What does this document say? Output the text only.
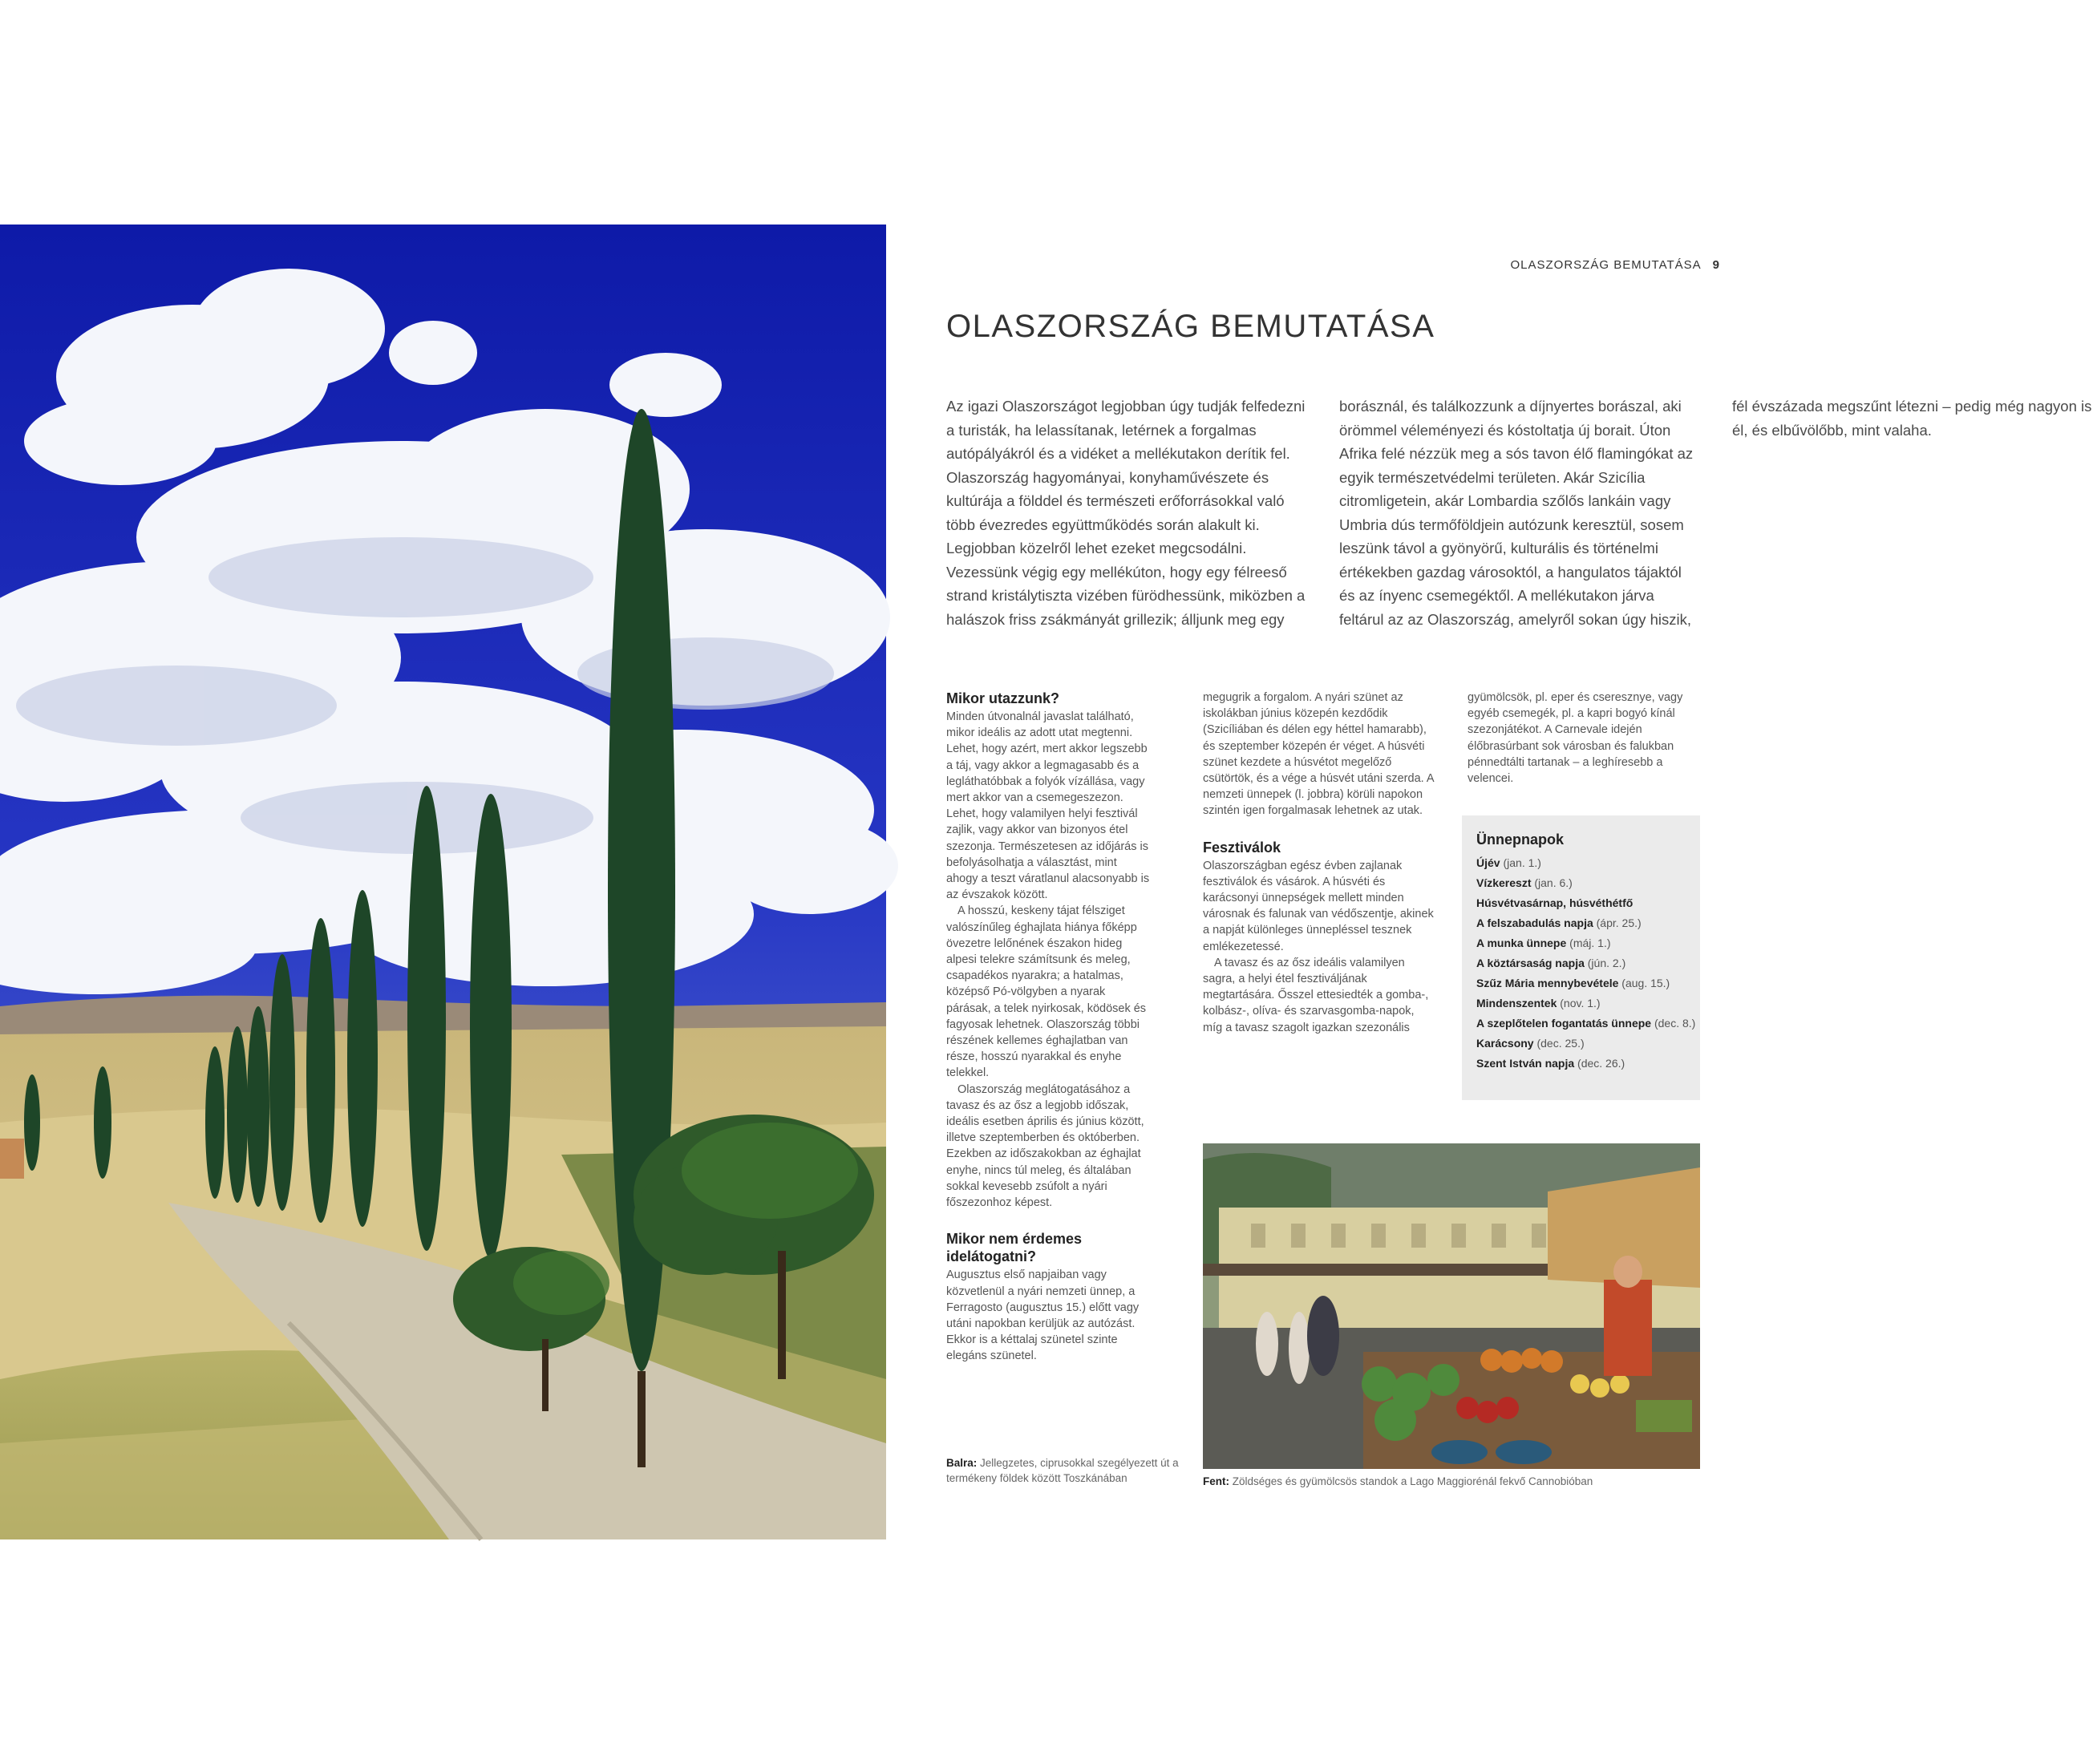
OLASZORSZÁG BEMUTATÁSA 9
OLASZORSZÁG BEMUTATÁSA

Az igazi Olaszországot legjobban úgy tudják felfedezni a turisták, ha lelassítanak, letérnek a forgalmas autópályákról és a vidéket a mellékutakon derítik fel. Olaszország hagyományai, konyhaművészete és kultúrája a földdel és természeti erőforrásokkal való több évezredes együttműködés során alakult ki. Legjobban közelről lehet ezeket megcsodálni. Vezessünk végig egy mellékúton, hogy egy félreeső strand kristálytiszta vizében fürödhessünk, miközben a halászok friss zsákmányát grillezik; álljunk meg egy borásznál, és találkozzunk a díjnyertes borászal, aki örömmel véleményezi és kóstoltatja új borait. Úton Afrika felé nézzük meg a sós tavon élő flamingókat az egyik természetvédelmi területen. Akár Szicília citromligetein, akár Lombardia szőlős lankáin vagy Umbria dús termőföldjein autózunk keresztül, sosem leszünk távol a gyönyörű, kulturális és történelmi értékekben gazdag városoktól, a hangulatos tájaktól és az ínyenc csemegéktől. A mellékutakon járva feltárul az az Olaszország, amelyről sokan úgy hiszik, fél évszázada megszűnt létezni – pedig még nagyon is él, és elbűvölőbb, mint valaha.

Mikor utazzunk?

Minden útvonalnál javaslat található, mikor ideális az adott utat megtenni. Lehet, hogy azért, mert akkor legszebb a táj, vagy akkor a legmagasabb és a legláthatóbbak a folyók vízállása, vagy mert akkor van a csemegeszezon. Lehet, hogy valamilyen helyi fesztivál zajlik, vagy akkor van bizonyos étel szezonja. Természetesen az időjárás is befolyásolhatja a választást, mint ahogy a teszt váratlanul alacsonyabb is az évszakok között.

A hosszú, keskeny tájat félsziget valószínűleg éghajlata hiánya főképp övezetre lelőnének északon hideg alpesi telekre számítsunk és meleg, csapadékos nyarakra; a hatalmas, középső Pó-völgyben a nyarak párásak, a telek nyirkosak, ködösek és fagyosak lehetnek. Olaszország többi részének kellemes éghajlatban van része, hosszú nyarakkal és enyhe telekkel.

Olaszország meglátogatásához a tavasz és az ősz a legjobb időszak, ideális esetben április és június között, illetve szeptemberben és októberben. Ezekben az időszakokban az éghajlat enyhe, nincs túl meleg, és általában sokkal kevesebb zsúfolt a nyári főszezonhoz képest.

Mikor nem érdemes idelátogatni?

Augusztus első napjaiban vagy közvetlenül a nyári nemzeti ünnep, a Ferragosto (augusztus 15.) előtt vagy utáni napokban kerüljük az autózást. Ekkor is a kéttalaj szünetel szinte elegáns szünetel.

megugrik a forgalom. A nyári szünet az iskolákban június közepén kezdődik (Szicíliában és délen egy héttel hamarabb), és szeptember közepén ér véget. A húsvéti szünet kezdete a húsvétot megelőző csütörtök, és a vége a húsvét utáni szerda. A nemzeti ünnepek (l. jobbra) körüli napokon szintén igen forgalmasak lehetnek az utak.

Fesztiválok

Olaszországban egész évben zajlanak fesztiválok és vásárok. A húsvéti és karácsonyi ünnepségek mellett minden városnak és falunak van védőszentje, akinek a napját különleges ünnepléssel tesznek emlékezetessé.

A tavasz és az ősz ideális valamilyen sagra, a helyi étel fesztiváljának megtartására. Ősszel ettesiedték a gomba-, kolbász-, olíva- és szarvasgomba-napok, míg a tavasz szagolt igazkan szezonális

gyümölcsök, pl. eper és cseresznye, vagy egyéb csemegék, pl. a kapri bogyó kínál szezonjátékot. A Carnevale idején élőbrasúrbant sok városban és falukban pénnedtálti tartanak – a leghíresebb a velencei.

Ünnepnapok
Újév (jan. 1.)
Vízkereszt (jan. 6.)
Húsvétvasárnap, húsvéthétfő
A felszabadulás napja (ápr. 25.)
A munka ünnepe (máj. 1.)
A köztársaság napja (jún. 2.)
Szűz Mária mennybevétele (aug. 15.)
Mindenszentek (nov. 1.)
A szeplőtelen fogantatás ünnepe (dec. 8.)
Karácsony (dec. 25.)
Szent István napja (dec. 26.)
Balra: Jellegzetes, ciprusokkal szegélyezett út a termékeny földek között Toszkánában	Fent: Zöldséges és gyümölcsös standok a Lago Maggiorénál fekvő Cannobióban
